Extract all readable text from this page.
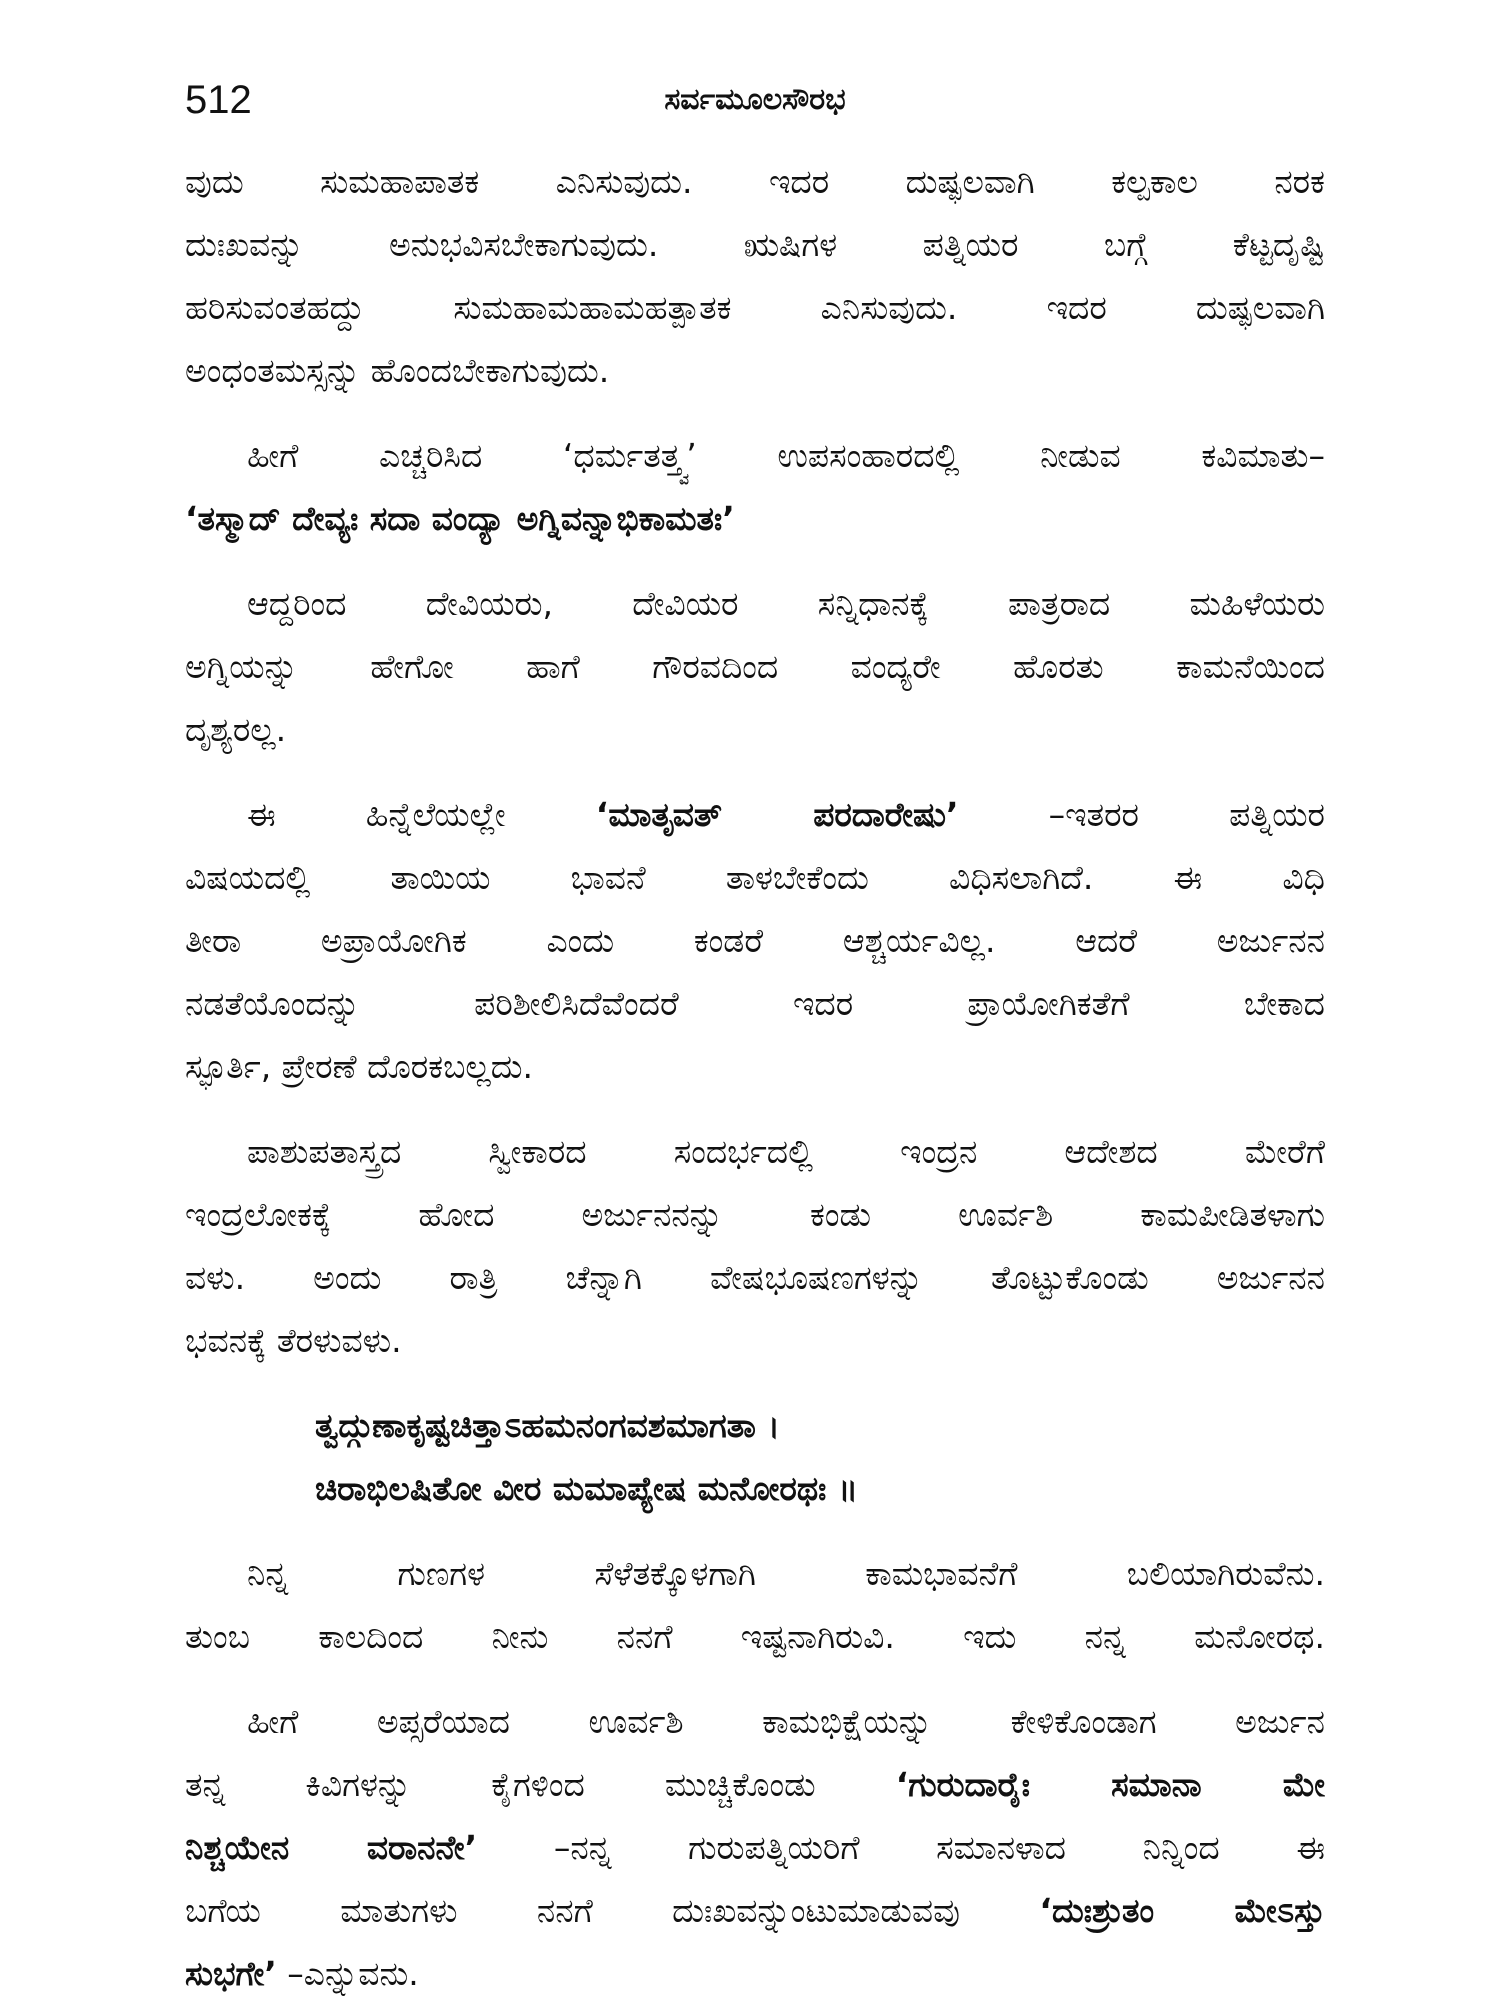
512	ಸರ್ವಮೂಲಸೌರಭ
ವುದು ಸುಮಹಾಪಾತಕ ಎನಿಸುವುದು. ಇದರ ದುಷ್ಫಲವಾಗಿ ಕಲ್ಪಕಾಲ ನರಕ
ದುಃಖವನ್ನು ಅನುಭವಿಸಬೇಕಾಗುವುದು. ಋಷಿಗಳ ಪತ್ನಿಯರ ಬಗ್ಗೆ ಕೆಟ್ಟದೃಷ್ಟಿ
ಹರಿಸುವಂತಹದ್ದು ಸುಮಹಾಮಹಾಮಹತ್ಪಾತಕ ಎನಿಸುವುದು. ಇದರ ದುಷ್ಫಲವಾಗಿ
ಅಂಧಂತಮಸ್ಸನ್ನು ಹೊಂದಬೇಕಾಗುವುದು.
ಹೀಗೆ ಎಚ್ಚರಿಸಿದ ‘ಧರ್ಮತತ್ತ್ವ’ ಉಪಸಂಹಾರದಲ್ಲಿ ನೀಡುವ ಕವಿಮಾತು–
‘ತಸ್ಮಾದ್ ದೇವ್ಯಃ ಸದಾ ವಂದ್ಯಾ ಅಗ್ನಿವನ್ನಾಭಿಕಾಮತಃ’
ಆದ್ದರಿಂದ ದೇವಿಯರು, ದೇವಿಯರ ಸನ್ನಿಧಾನಕ್ಕೆ ಪಾತ್ರರಾದ ಮಹಿಳೆಯರು
ಅಗ್ನಿಯನ್ನು ಹೇಗೋ ಹಾಗೆ ಗೌರವದಿಂದ ವಂದ್ಯರೇ ಹೊರತು ಕಾಮನೆಯಿಂದ
ದೃಶ್ಯರಲ್ಲ.
ಈ ಹಿನ್ನೆಲೆಯಲ್ಲೇ ‘ಮಾತೃವತ್ ಪರದಾರೇಷು’ –ಇತರರ ಪತ್ನಿಯರ
ವಿಷಯದಲ್ಲಿ ತಾಯಿಯ ಭಾವನೆ ತಾಳಬೇಕೆಂದು ವಿಧಿಸಲಾಗಿದೆ. ಈ ವಿಧಿ
ತೀರಾ ಅಪ್ರಾಯೋಗಿಕ ಎಂದು ಕಂಡರೆ ಆಶ್ಚರ್ಯವಿಲ್ಲ. ಆದರೆ ಅರ್ಜುನನ
ನಡತೆಯೊಂದನ್ನು ಪರಿಶೀಲಿಸಿದೆವೆಂದರೆ ಇದರ ಪ್ರಾಯೋಗಿಕತೆಗೆ ಬೇಕಾದ
ಸ್ಫೂರ್ತಿ, ಪ್ರೇರಣೆ ದೊರಕಬಲ್ಲದು.
ಪಾಶುಪತಾಸ್ತ್ರದ ಸ್ವೀಕಾರದ ಸಂದರ್ಭದಲ್ಲಿ ಇಂದ್ರನ ಆದೇಶದ ಮೇರೆಗೆ
ಇಂದ್ರಲೋಕಕ್ಕೆ ಹೋದ ಅರ್ಜುನನನ್ನು ಕಂಡು ಊರ್ವಶಿ ಕಾಮಪೀಡಿತಳಾಗು
ವಳು. ಅಂದು ರಾತ್ರಿ ಚೆನ್ನಾಗಿ ವೇಷಭೂಷಣಗಳನ್ನು ತೊಟ್ಟುಕೊಂಡು ಅರ್ಜುನನ
ಭವನಕ್ಕೆ ತೆರಳುವಳು.
ತ್ವದ್ಗುಣಾಕೃಷ್ಟಚಿತ್ತಾಽಹಮನಂಗವಶಮಾಗತಾ ।
ಚಿರಾಭಿಲಷಿತೋ ವೀರ ಮಮಾಪ್ಯೇಷ ಮನೋರಥಃ ॥
ನಿನ್ನ ಗುಣಗಳ ಸೆಳೆತಕ್ಕೊಳಗಾಗಿ ಕಾಮಭಾವನೆಗೆ ಬಲಿಯಾಗಿರುವೆನು.
ತುಂಬ ಕಾಲದಿಂದ ನೀನು ನನಗೆ ಇಷ್ಟನಾಗಿರುವಿ. ಇದು ನನ್ನ ಮನೋರಥ.
ಹೀಗೆ ಅಪ್ಸರೆಯಾದ ಊರ್ವಶಿ ಕಾಮಭಿಕ್ಷೆಯನ್ನು ಕೇಳಿಕೊಂಡಾಗ ಅರ್ಜುನ
ತನ್ನ ಕಿವಿಗಳನ್ನು ಕೈಗಳಿಂದ ಮುಚ್ಚಿಕೊಂಡು ‘ಗುರುದಾರೈಃ ಸಮಾನಾ ಮೇ
ನಿಶ್ಚಯೇನ ವರಾನನೇ’ –ನನ್ನ ಗುರುಪತ್ನಿಯರಿಗೆ ಸಮಾನಳಾದ ನಿನ್ನಿಂದ ಈ
ಬಗೆಯ ಮಾತುಗಳು ನನಗೆ ದುಃಖವನ್ನುಂಟುಮಾಡುವವು ‘ದುಃಶ್ರುತಂ ಮೇಽಸ್ತು
ಸುಭಗೇ’ –ಎನ್ನುವನು.
